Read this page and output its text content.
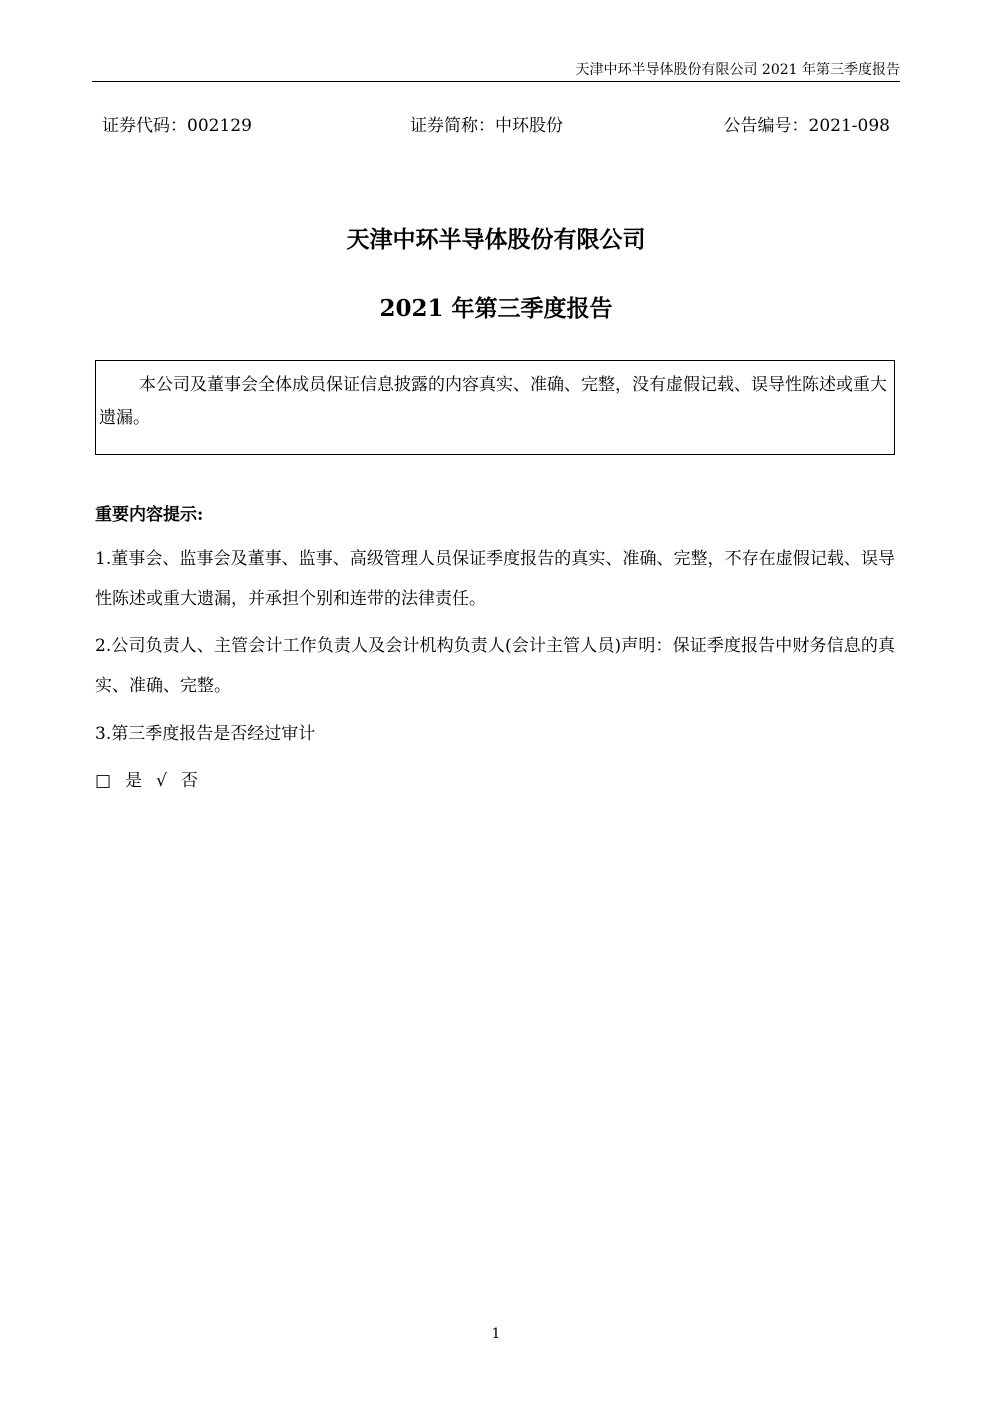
天津中环半导体股份有限公司 2021 年第三季度报告
证券代码：002129	证券简称：中环股份	公告编号：2021-098
天津中环半导体股份有限公司
2021 年第三季度报告

本公司及董事会全体成员保证信息披露的内容真实、准确、完整，没有虚假记载、误导性陈述或重大遗漏。

重要内容提示:

1.董事会、监事会及董事、监事、高级管理人员保证季度报告的真实、准确、完整，不存在虚假记载、误导性陈述或重大遗漏，并承担个别和连带的法律责任。

2.公司负责人、主管会计工作负责人及会计机构负责人(会计主管人员)声明：保证季度报告中财务信息的真实、准确、完整。

3.第三季度报告是否经过审计

□ 是 √ 否
1
